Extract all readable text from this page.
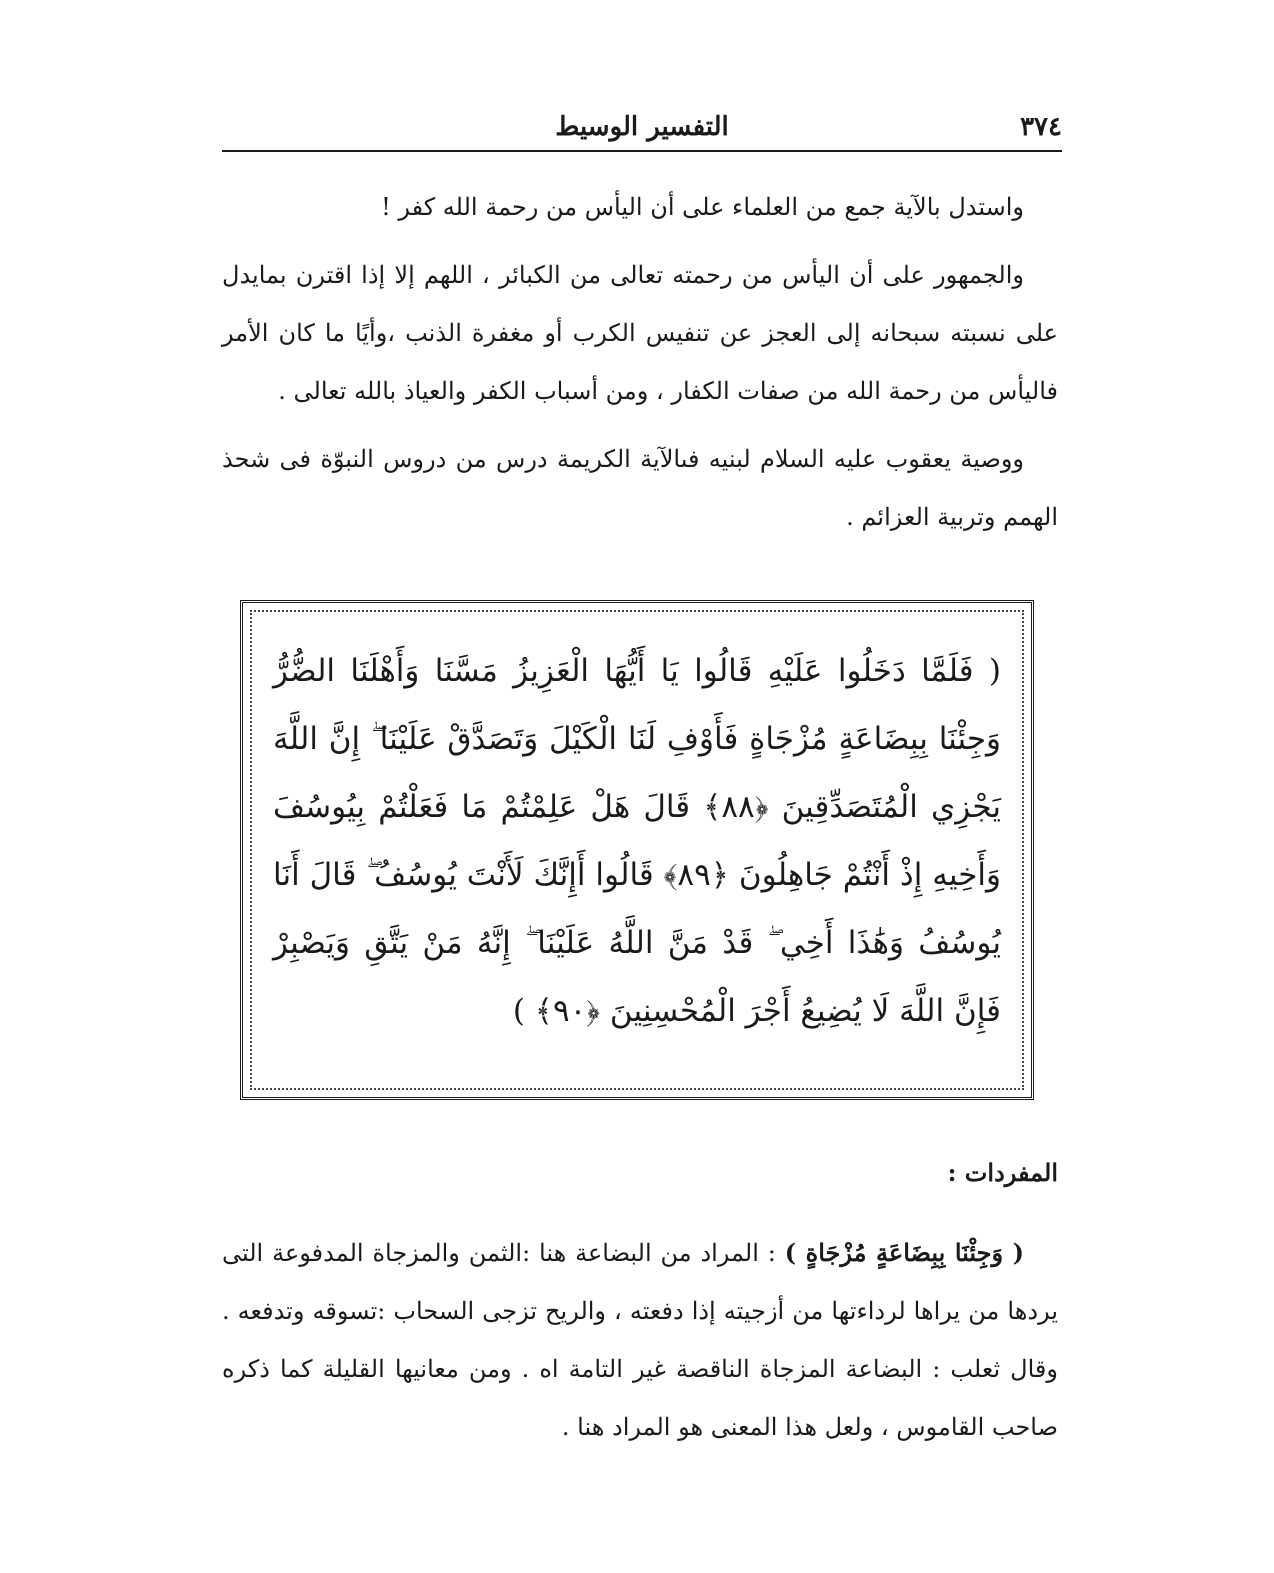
٣٧٤
التفسير الوسيط

واستدل بالآية جمع من العلماء على أن اليأس من رحمة الله كفر !

والجمهور على أن اليأس من رحمته تعالى من الكبائر ، اللهم إلا إذا اقترن بمايدل على نسبته سبحانه إلى العجز عن تنفيس الكرب أو مغفرة الذنب ،وأيًا ما كان الأمر فاليأس من رحمة الله من صفات الكفار ، ومن أسباب الكفر والعياذ بالله تعالى .

ووصية يعقوب عليه السلام لبنيه فىالآية الكريمة درس من دروس النبوّة فى شحذ الهمم وتربية العزائم .

( فَلَمَّا دَخَلُوا عَلَيْهِ قَالُوا يَا أَيُّهَا الْعَزِيزُ مَسَّنَا وَأَهْلَنَا الضُّرُّ وَجِئْنَا بِبِضَاعَةٍ مُزْجَاةٍ فَأَوْفِ لَنَا الْكَيْلَ وَتَصَدَّقْ عَلَيْنَا ۖ إِنَّ اللَّهَ يَجْزِي الْمُتَصَدِّقِينَ ﴿٨٨﴾ قَالَ هَلْ عَلِمْتُمْ مَا فَعَلْتُمْ بِيُوسُفَ وَأَخِيهِ إِذْ أَنْتُمْ جَاهِلُونَ ﴿٨٩﴾ قَالُوا أَإِنَّكَ لَأَنْتَ يُوسُفُ ۖ قَالَ أَنَا يُوسُفُ وَهَٰذَا أَخِي ۖ قَدْ مَنَّ اللَّهُ عَلَيْنَا ۖ إِنَّهُ مَنْ يَتَّقِ وَيَصْبِرْ فَإِنَّ اللَّهَ لَا يُضِيعُ أَجْرَ الْمُحْسِنِينَ ﴿٩٠﴾ )

المفردات :

( وَجِئْنَا بِبِضَاعَةٍ مُزْجَاةٍ ) : المراد من البضاعة هنا :الثمن والمزجاة المدفوعة التى يردها من يراها لرداءتها من أزجيته إذا دفعته ، والريح تزجى السحاب :تسوقه وتدفعه . وقال ثعلب : البضاعة المزجاة الناقصة غير التامة اه . ومن معانيها القليلة كما ذكره صاحب القاموس ، ولعل هذا المعنى هو المراد هنا .
